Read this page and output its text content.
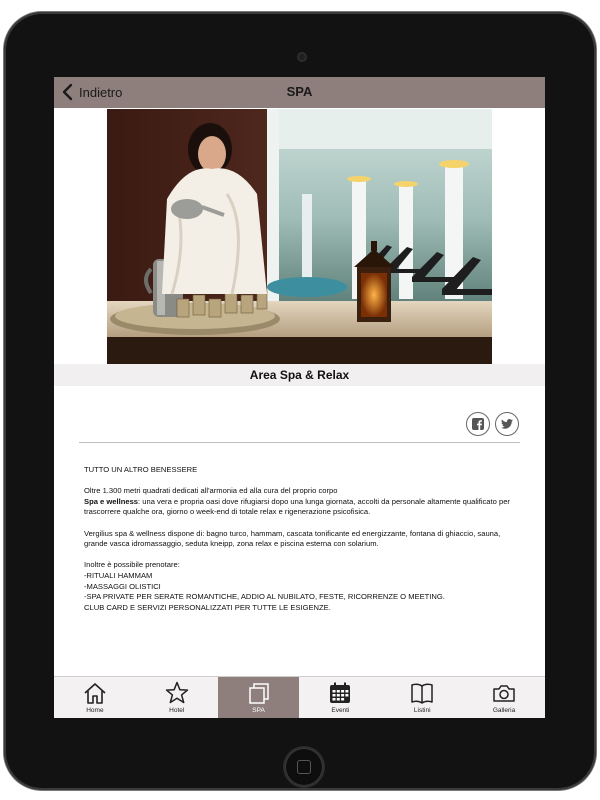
Indietro	SPA
Area Spa & Relax

TUTTO UN ALTRO BENESSERE

Oltre 1.300 metri quadrati dedicati all'armonia ed alla cura del proprio corpo
Spa e wellness: una vera e propria oasi dove rifugiarsi dopo una lunga giornata, accolti da personale altamente qualificato per trascorrere qualche ora, giorno o week-end di totale relax e rigenerazione psicofisica.

Vergilius spa & wellness dispone di: bagno turco, hammam, cascata tonificante ed energizzante, fontana di ghiaccio, sauna, grande vasca idromassaggio, seduta kneipp, zona relax e piscina esterna con solarium.

Inoltre è possibile prenotare:
-RITUALI HAMMAM
-MASSAGGI OLISTICI
-SPA PRIVATE PER SERATE ROMANTICHE, ADDIO AL NUBILATO, FESTE, RICORRENZE O MEETING.
CLUB CARD E SERVIZI PERSONALIZZATI PER TUTTE LE ESIGENZE.

Home	Hotel	SPA	Eventi	Listini	Galleria
